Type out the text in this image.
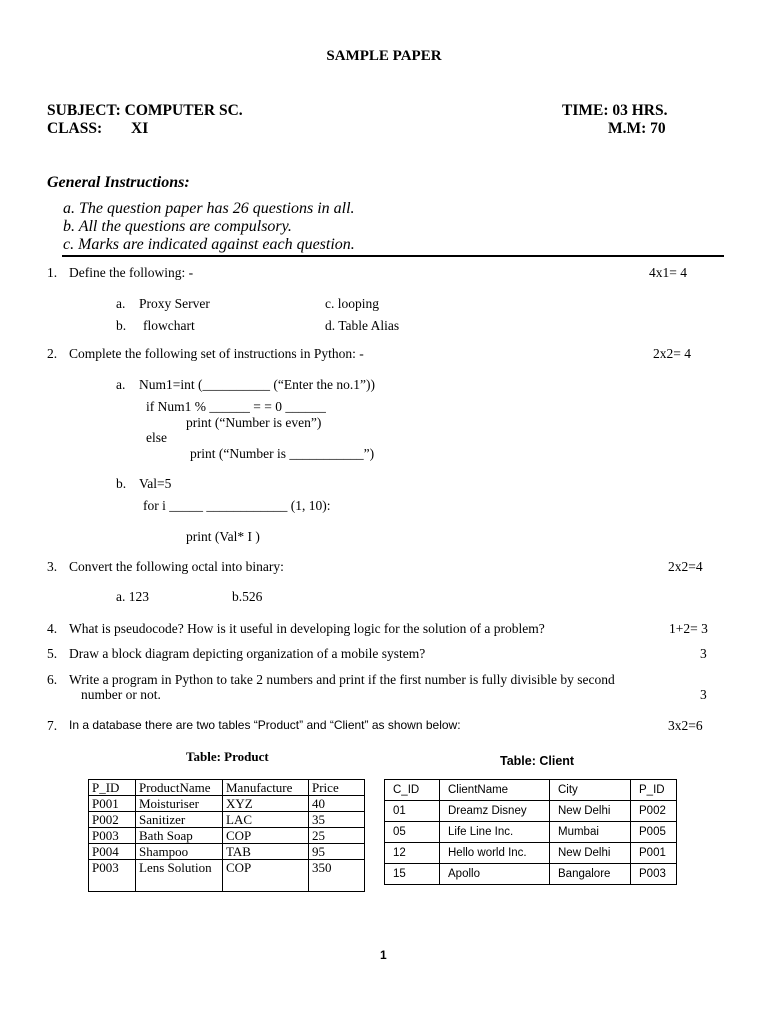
SAMPLE PAPER
SUBJECT: COMPUTER SC.
CLASS: XI
TIME: 03 HRS.
M.M: 70
General Instructions:
a. The question paper has 26 questions in all.
b. All the questions are compulsory.
c. Marks are indicated against each question.
1. Define the following: -	4x1= 4
a. Proxy Server
b. flowchart
c. looping
d. Table Alias
2. Complete the following set of instructions in Python: -	2x2= 4
a. Num1=int (__________ (“Enter the no.1”))
if Num1 % ______ = = 0 ______
print (“Number is even”)
else
print (“Number is ___________”)
b. Val=5
for i _____ ____________ (1, 10):
print (Val* I )
3. Convert the following octal into binary:	2x2=4
a. 123	b.526
4. What is pseudocode? How is it useful in developing logic for the solution of a problem?	1+2= 3
5. Draw a block diagram depicting organization of a mobile system?	3
6. Write a program in Python to take 2 numbers and print if the first number is fully divisible by second
number or not.	3
7. In a database there are two tables “Product” and “Client” as shown below:	3x2=6
Table: Product
P_ID	ProductName	Manufacture	Price
P001	Moisturiser	XYZ	40
P002	Sanitizer	LAC	35
P003	Bath Soap	COP	25
P004	Shampoo	TAB	95
P003	Lens Solution	COP	350
Table: Client
C_ID	ClientName	City	P_ID
01	Dreamz Disney	New Delhi	P002
05	Life Line Inc.	Mumbai	P005
12	Hello world Inc.	New Delhi	P001
15	Apollo	Bangalore	P003
1
